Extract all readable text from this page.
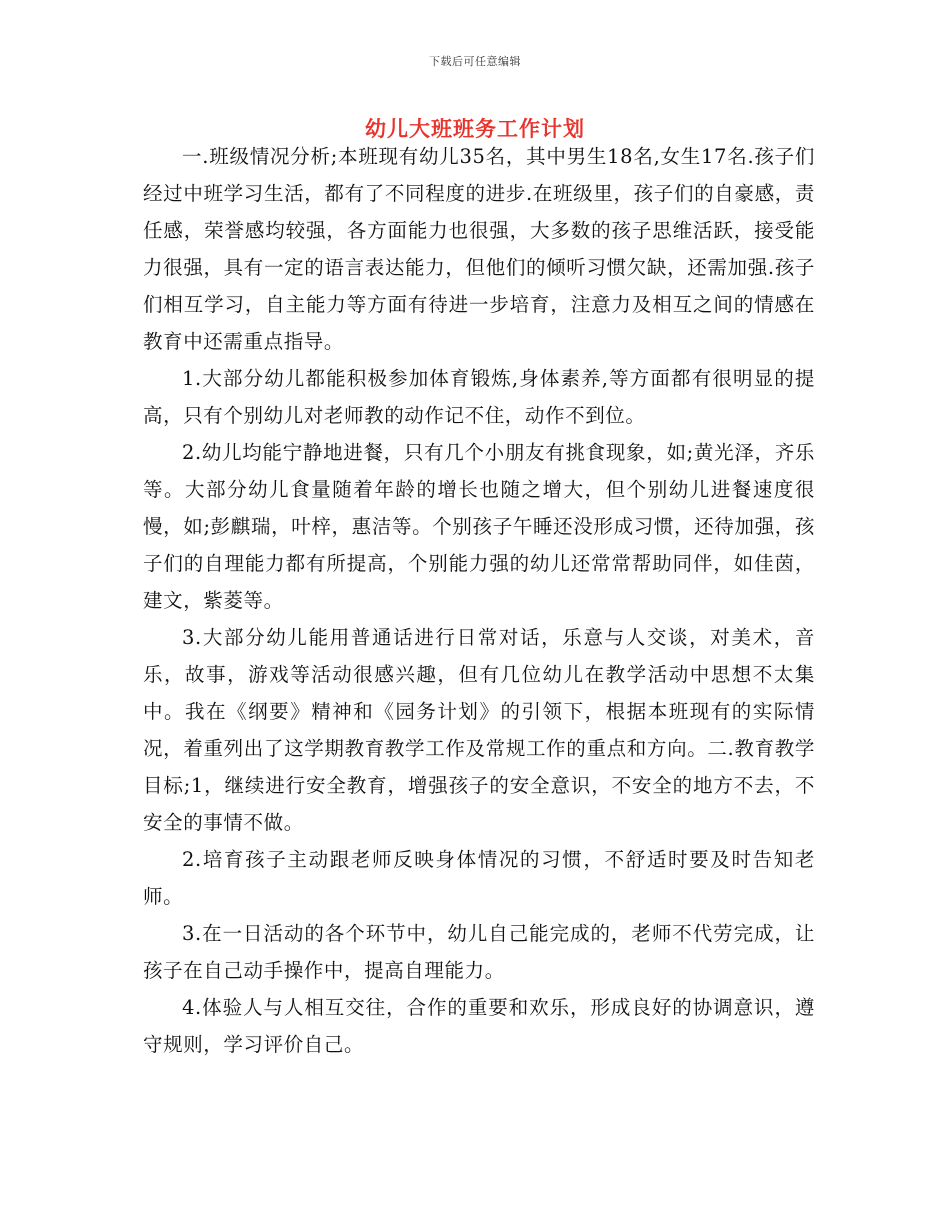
下载后可任意编辑
幼儿大班班务工作计划

一.班级情况分析;本班现有幼儿35名，其中男生18名,女生17名.孩子们经过中班学习生活，都有了不同程度的进步.在班级里，孩子们的自豪感，责任感，荣誉感均较强，各方面能力也很强，大多数的孩子思维活跃，接受能力很强，具有一定的语言表达能力，但他们的倾听习惯欠缺，还需加强.孩子们相互学习，自主能力等方面有待进一步培育，注意力及相互之间的情感在教育中还需重点指导。

1.大部分幼儿都能积极参加体育锻炼,身体素养,等方面都有很明显的提高，只有个别幼儿对老师教的动作记不住，动作不到位。

2.幼儿均能宁静地进餐，只有几个小朋友有挑食现象，如;黄光泽，齐乐等。大部分幼儿食量随着年龄的增长也随之增大，但个别幼儿进餐速度很慢，如;彭麒瑞，叶梓，惠洁等。个别孩子午睡还没形成习惯，还待加强，孩子们的自理能力都有所提高，个别能力强的幼儿还常常帮助同伴，如佳茵，建文，紫菱等。

3.大部分幼儿能用普通话进行日常对话，乐意与人交谈，对美术，音乐，故事，游戏等活动很感兴趣，但有几位幼儿在教学活动中思想不太集中。我在《纲要》精神和《园务计划》的引领下，根据本班现有的实际情况，着重列出了这学期教育教学工作及常规工作的重点和方向。二.教育教学目标;1，继续进行安全教育，增强孩子的安全意识，不安全的地方不去，不安全的事情不做。

2.培育孩子主动跟老师反映身体情况的习惯，不舒适时要及时告知老师。

3.在一日活动的各个环节中，幼儿自己能完成的，老师不代劳完成，让孩子在自己动手操作中，提高自理能力。

4.体验人与人相互交往，合作的重要和欢乐，形成良好的协调意识，遵守规则，学习评价自己。
